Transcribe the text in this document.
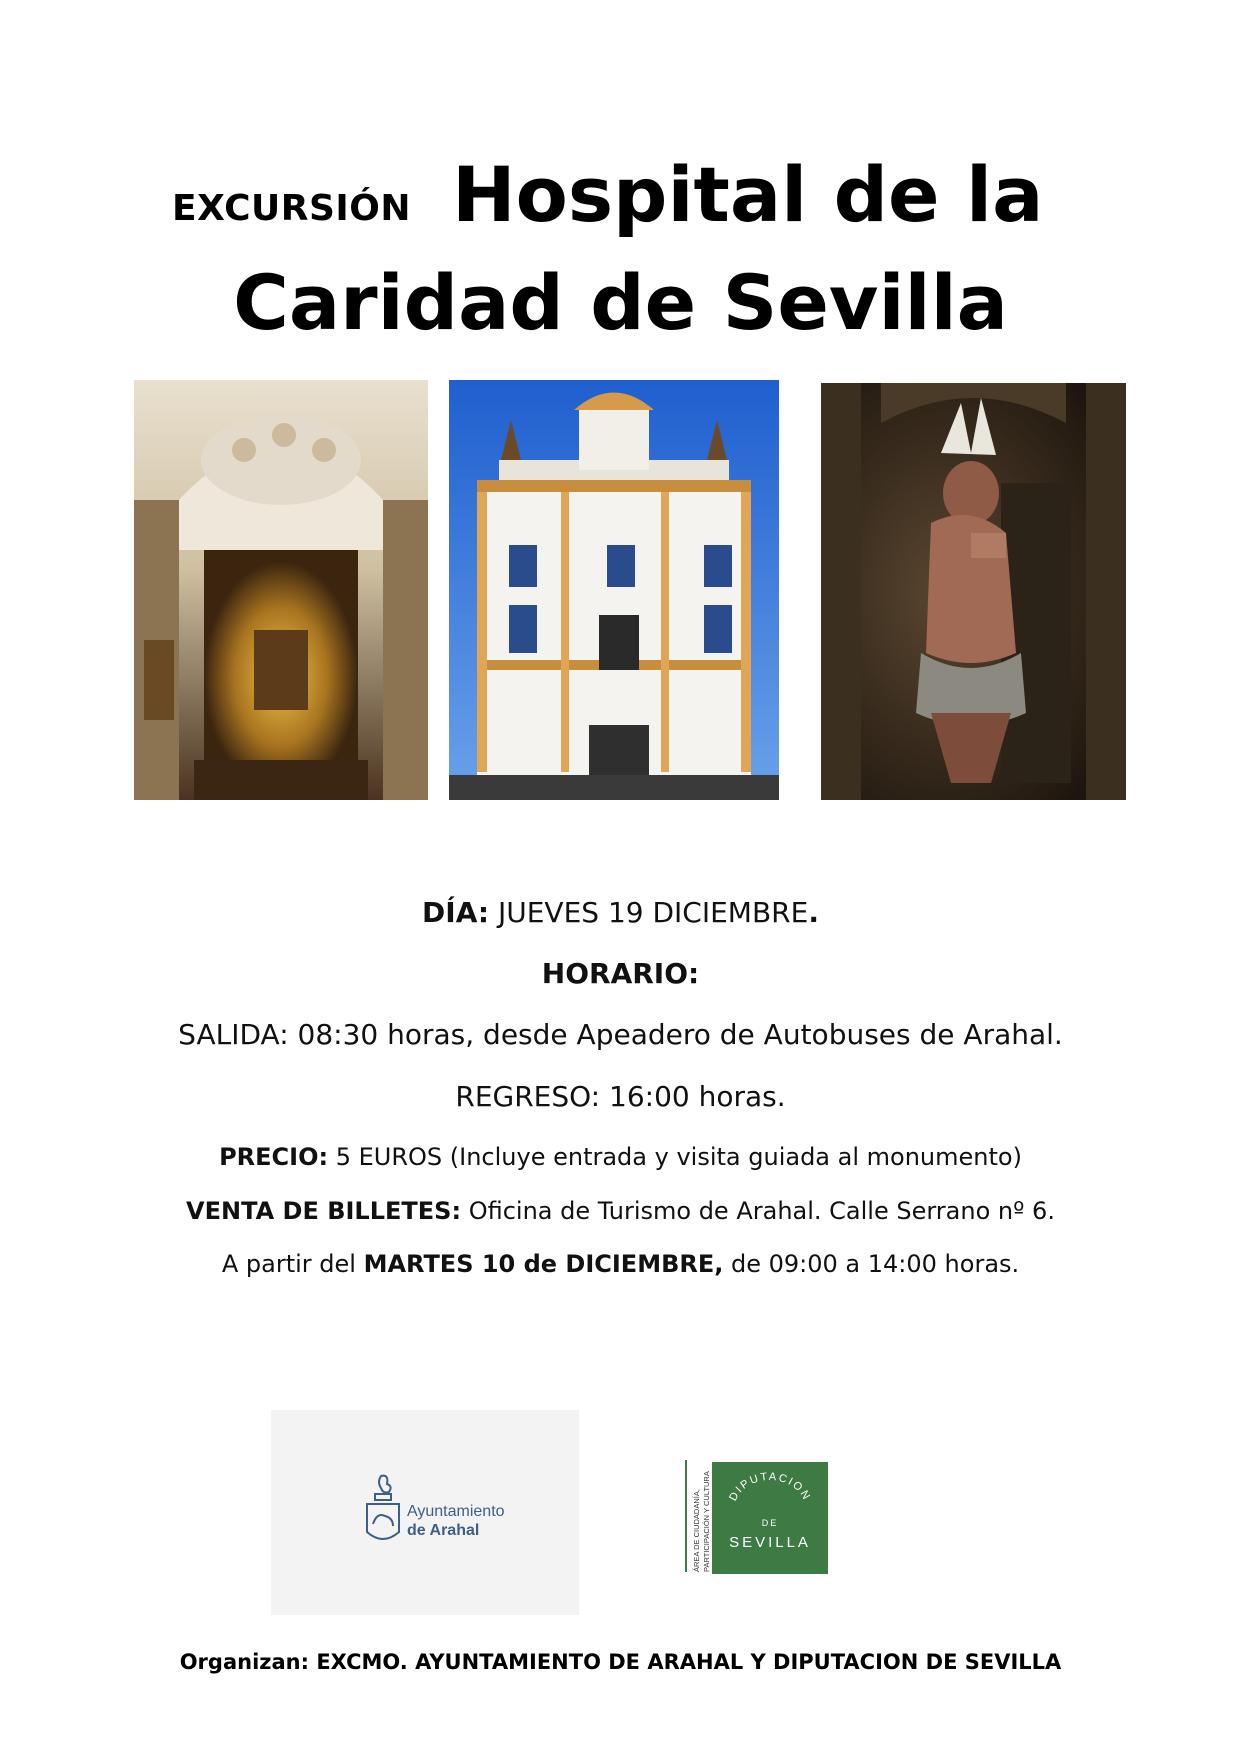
EXCURSIÓN Hospital de la
Caridad de Sevilla
DÍA: JUEVES 19 DICIEMBRE.
HORARIO:
SALIDA: 08:30 horas, desde Apeadero de Autobuses de Arahal.
REGRESO: 16:00 horas.
PRECIO: 5 EUROS (Incluye entrada y visita guiada al monumento)
VENTA DE BILLETES: Oficina de Turismo de Arahal. Calle Serrano nº 6.
A partir del MARTES 10 de DICIEMBRE, de 09:00 a 14:00 horas.
Ayuntamiento
de Arahal	ÁREA DE CIUDADANÍA, PARTICIPACIÓN Y CULTURA DIPUTACION
DE
SEVILLA
Organizan: EXCMO. AYUNTAMIENTO DE ARAHAL Y DIPUTACION DE SEVILLA
